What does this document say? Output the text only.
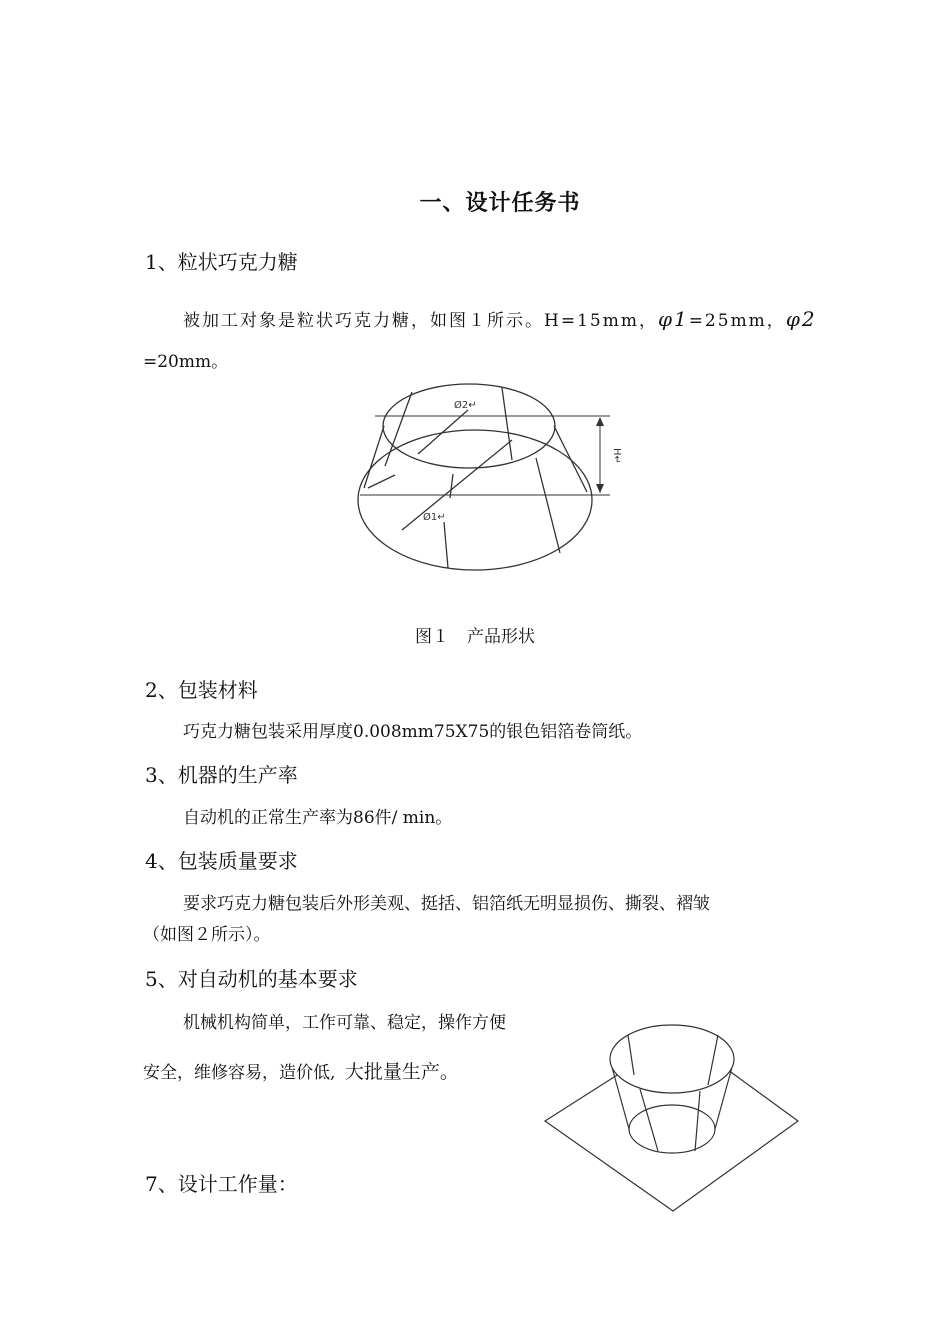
一、设计任务书
1、粒状巧克力糖
被加工对象是粒状巧克力糖，如图１所示。H=15mm，φ1=25mm，φ2
=20mm。
Ø2↵
Ø1↵
H↵
图１ 产品形状
2、包装材料
巧克力糖包装采用厚度0.008mm75X75的银色铝箔卷筒纸。
3、机器的生产率
自动机的正常生产率为86件/ min。
4、包装质量要求
要求巧克力糖包装后外形美观、挺括、铝箔纸无明显损伤、撕裂、褶皱
（如图２所示）。
5、对自动机的基本要求
机械机构简单，工作可靠、稳定，操作方便
安全，维修容易，造价低, 大批量生产。
7、设计工作量：
